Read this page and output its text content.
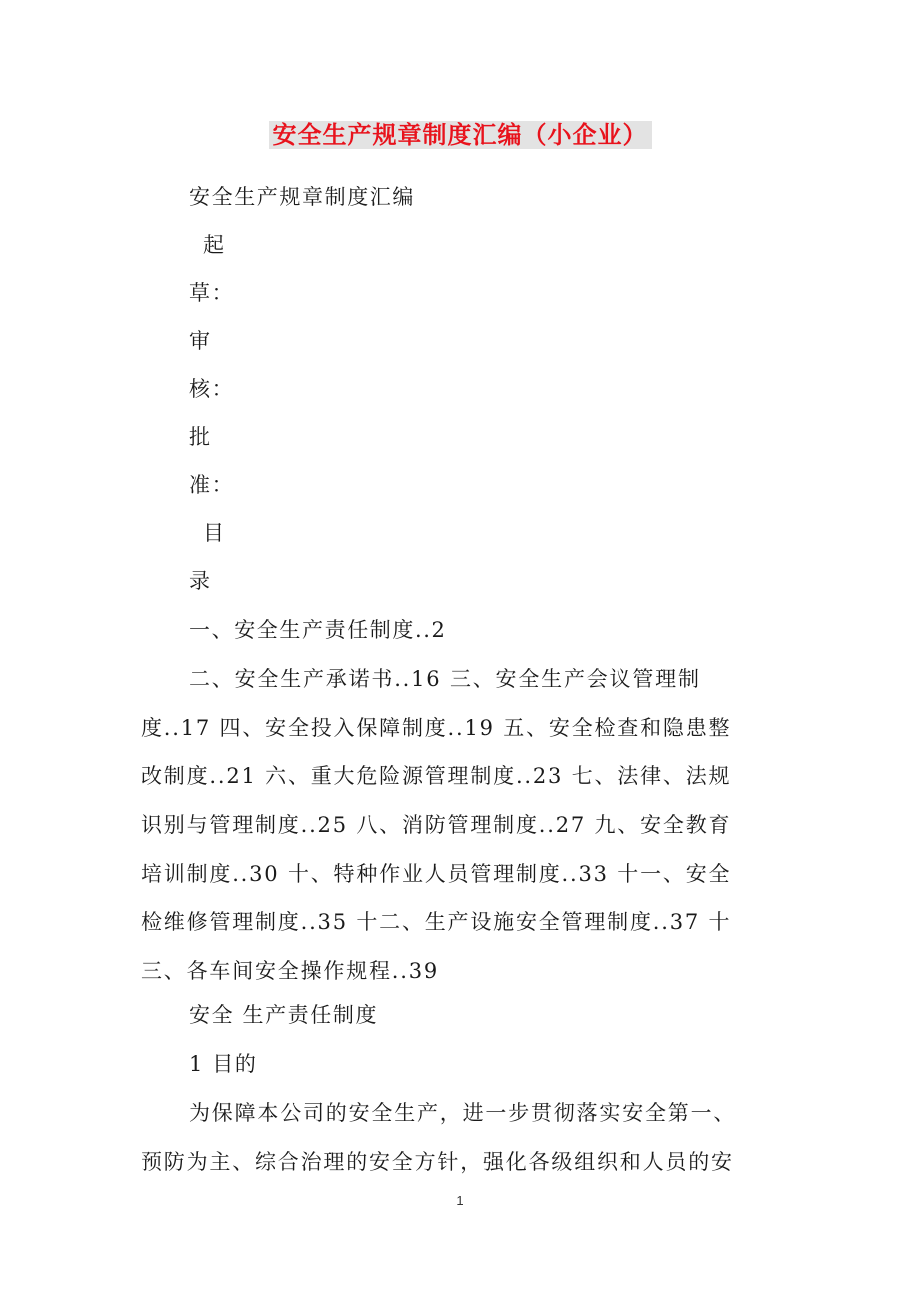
安全生产规章制度汇编（小企业）
安全生产规章制度汇编
起
草：
审
核：
批
准：
目
录
一、安全生产责任制度..2
二、安全生产承诺书..16 三、安全生产会议管理制
度..17 四、安全投入保障制度..19 五、安全检查和隐患整
改制度..21 六、重大危险源管理制度..23 七、法律、法规
识别与管理制度..25 八、消防管理制度..27 九、安全教育
培训制度..30 十、特种作业人员管理制度..33 十一、安全
检维修管理制度..35 十二、生产设施安全管理制度..37 十
三、各车间安全操作规程..39
安全 生产责任制度
1 目的
为保障本公司的安全生产，进一步贯彻落实安全第一、
预防为主、综合治理的安全方针，强化各级组织和人员的安
1
